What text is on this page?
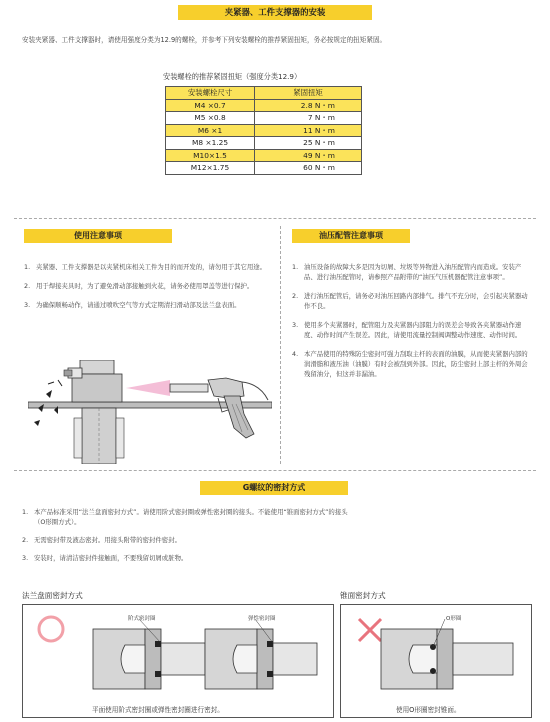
夹紧器、工件支撑器的安装
安装夹紧器、工件支撑器时，请使用强度分类为12.9的螺栓，并参考下列安装螺栓的推荐紧固扭矩，务必按规定的扭矩紧固。
安装螺栓的推荐紧固扭矩（强度分类12.9）
安装螺栓尺寸	紧固扭矩
M4 ×0.7	2.8 N・m
M5 ×0.8	7 N・m
M6 ×1	11 N・m
M8 ×1.25	25 N・m
M10×1.5	49 N・m
M12×1.75	60 N・m
使用注意事项
1. 夹紧器、工件支撑器是以夹紧机床相关工件为目的而开发的，请勿用于其它用途。
2. 用于焊接夹具时，为了避免滑动部接触到火花，请务必使用罩盖等进行保护。
3. 为确保顺畅动作，请通过喷吹空气等方式定期清扫滑动部及法兰盘表面。
油压配管注意事项
1. 油压设备的故障大多是因为切屑、垃圾等异物进入油压配管内而造成。安装产品、进行油压配管时，请参照产品附带的“油压气压机器配管注意事项”。
2. 进行油压配管后，请务必对油压回路内部排气。排气不充分时，会引起夹紧器动作不良。
3. 使用多个夹紧器时，配管阻力及夹紧器内部阻力的误差会导致各夹紧器动作速度、动作时间产生误差。因此，请使用流量控制阀调整动作速度、动作时间。
4. 本产品使用的特殊防尘密封可强力刮取主杆的表面的油膜，从而使夹紧器内部的润滑脂和液压油（油膜）有时会被刮到外部。因此，防尘密封上部主杆的外周会残留油分，但这并非漏油。
G螺纹的密封方式
1. 本产品标准采用“法兰盘面密封方式”。请使用阶式密封圈或弹性密封圈的接头。不能使用“锥面密封方式”的接头（O形圈方式）。
2. 无需密封带及液态密封。用接头附带的密封件密封。
3. 安装时，请清洁密封件接触面，不要残留切屑或脏物。
法兰盘面密封方式	锥面密封方式
阶式密封圈	弹性密封圈
平面使用阶式密封圈或弹性密封圈进行密封。
O形圈
使用O形圈密封锥面。
